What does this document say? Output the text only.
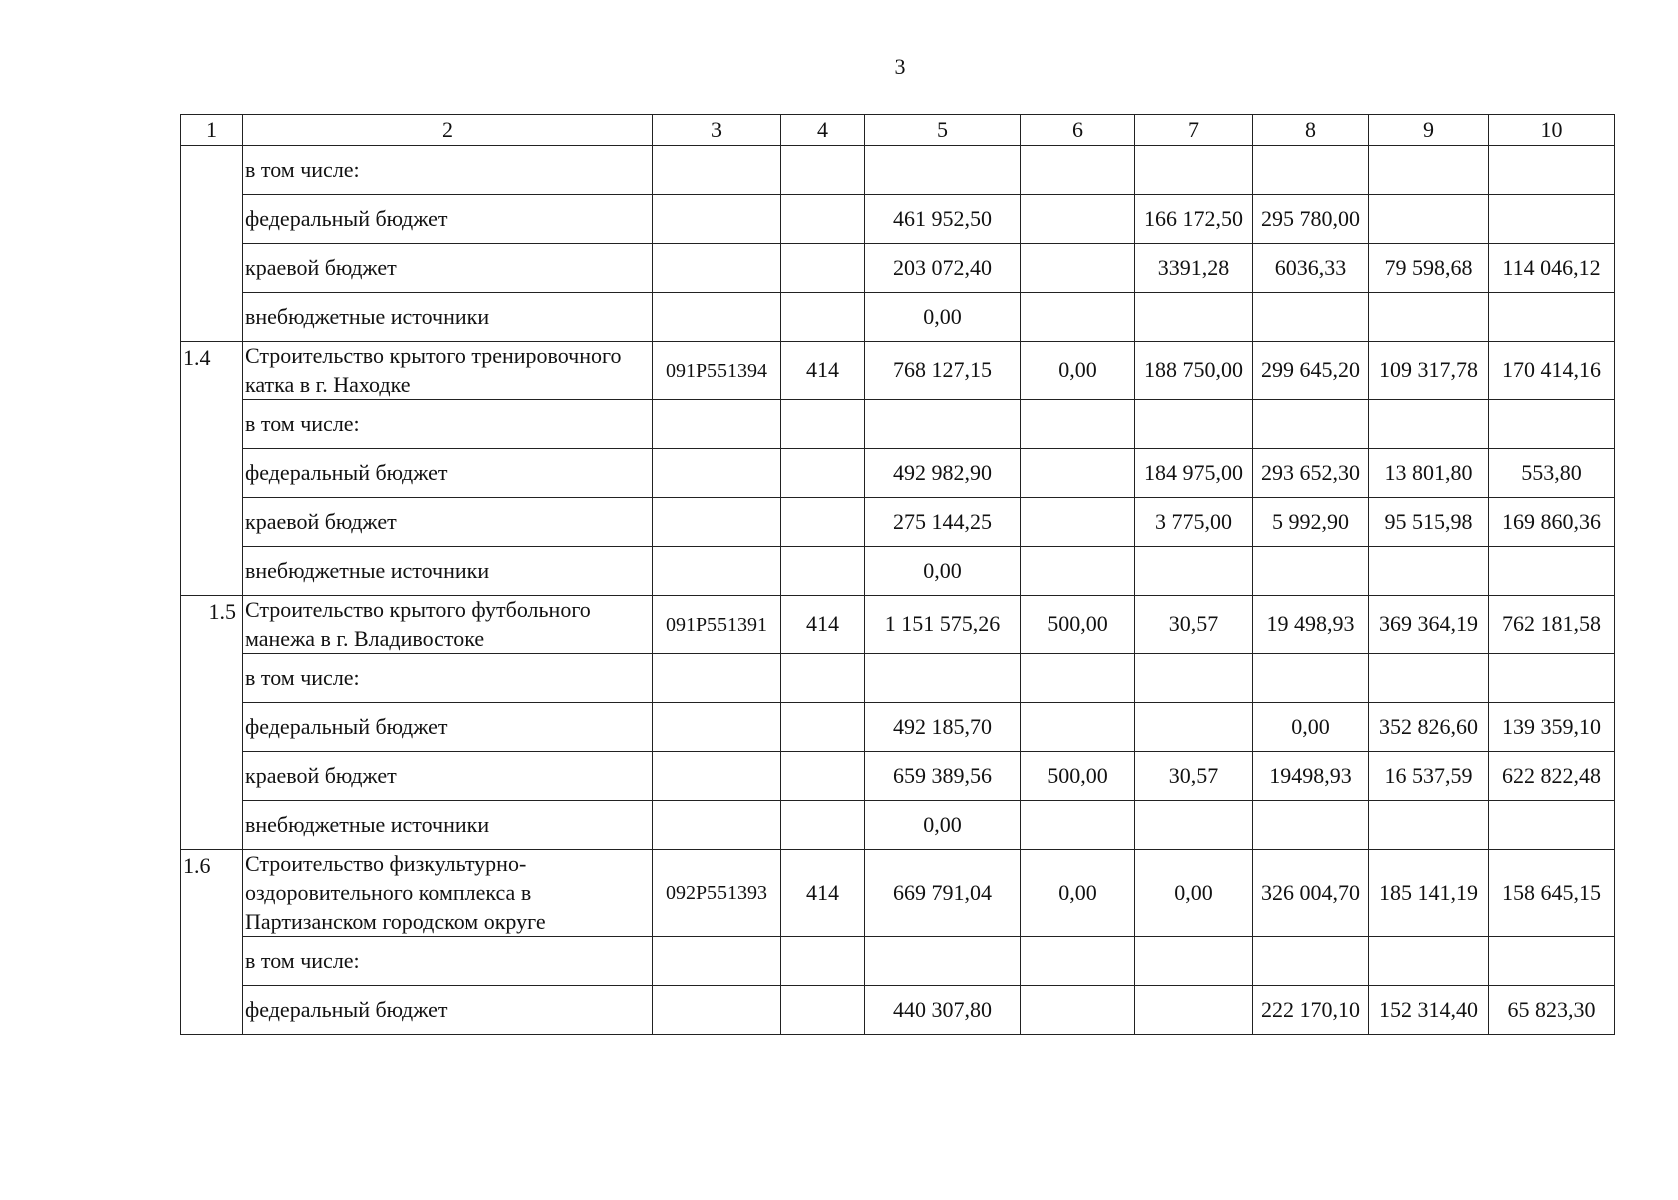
3
1	2	3	4	5	6	7	8	9	10
	в том числе:								
	федеральный бюджет			461 952,50		166 172,50	295 780,00		
	краевой бюджет			203 072,40		3391,28	6036,33	79 598,68	114 046,12
	внебюджетные источники			0,00					
1.4	Строительство крытого тренировочного катка в г. Находке	091P551394	414	768 127,15	0,00	188 750,00	299 645,20	109 317,78	170 414,16
	в том числе:								
	федеральный бюджет			492 982,90		184 975,00	293 652,30	13 801,80	553,80
	краевой бюджет			275 144,25		3 775,00	5 992,90	95 515,98	169 860,36
	внебюджетные источники			0,00					
1.5	Строительство крытого футбольного манежа в г. Владивостоке	091P551391	414	1 151 575,26	500,00	30,57	19 498,93	369 364,19	762 181,58
	в том числе:								
	федеральный бюджет			492 185,70			0,00	352 826,60	139 359,10
	краевой бюджет			659 389,56	500,00	30,57	19498,93	16 537,59	622 822,48
	внебюджетные источники			0,00					
1.6	Строительство физкультурно-оздоровительного комплекса в Партизанском городском округе	092P551393	414	669 791,04	0,00	0,00	326 004,70	185 141,19	158 645,15
	в том числе:								
	федеральный бюджет			440 307,80			222 170,10	152 314,40	65 823,30
